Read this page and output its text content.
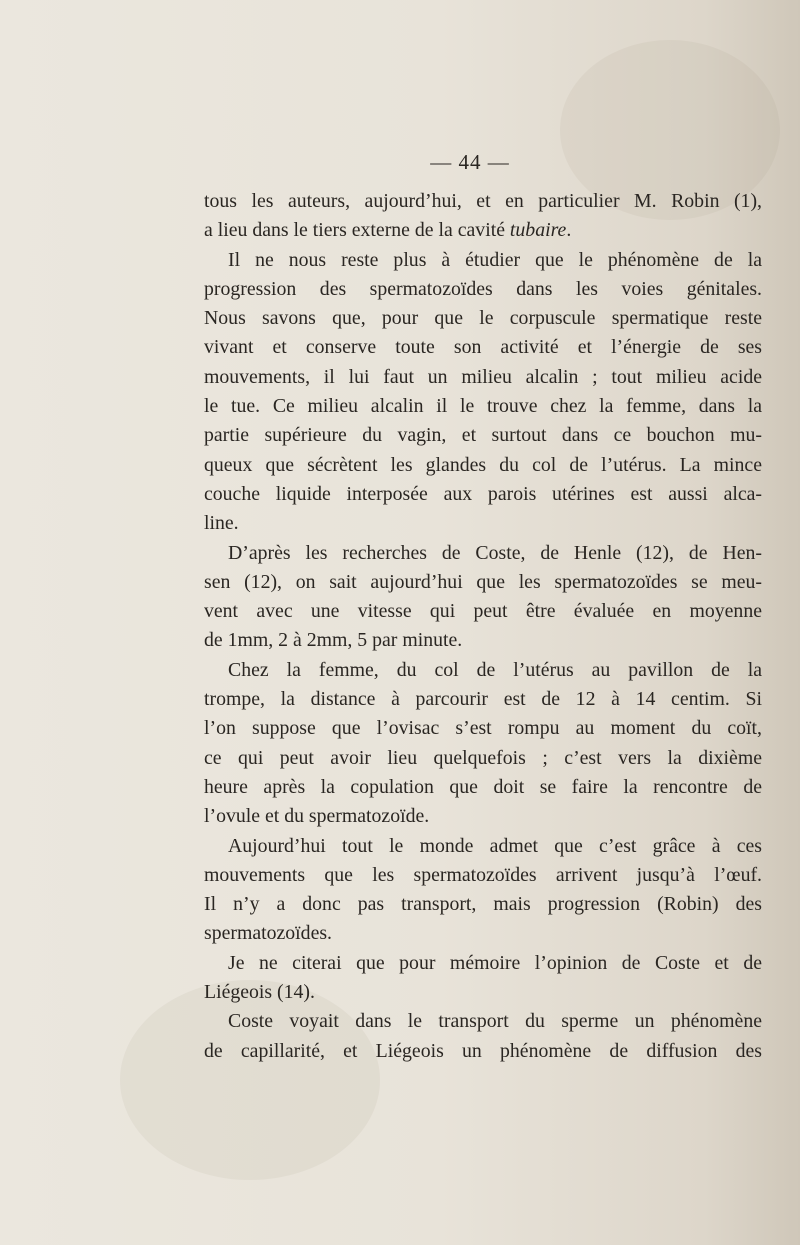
— 44 —
tous les auteurs, aujourd’hui, et en particulier M. Robin (1),
a lieu dans le tiers externe de la cavité tubaire.
Il ne nous reste plus à étudier que le phénomène de la
progression des spermatozoïdes dans les voies génitales.
Nous savons que, pour que le corpuscule spermatique reste
vivant et conserve toute son activité et l’énergie de ses
mouvements, il lui faut un milieu alcalin ; tout milieu acide
le tue. Ce milieu alcalin il le trouve chez la femme, dans la
partie supérieure du vagin, et surtout dans ce bouchon mu-
queux que sécrètent les glandes du col de l’utérus. La mince
couche liquide interposée aux parois utérines est aussi alca-
line.
D’après les recherches de Coste, de Henle (12), de Hen-
sen (12), on sait aujourd’hui que les spermatozoïdes se meu-
vent avec une vitesse qui peut être évaluée en moyenne
de 1mm, 2 à 2mm, 5 par minute.
Chez la femme, du col de l’utérus au pavillon de la
trompe, la distance à parcourir est de 12 à 14 centim. Si
l’on suppose que l’ovisac s’est rompu au moment du coït,
ce qui peut avoir lieu quelquefois ; c’est vers la dixième
heure après la copulation que doit se faire la rencontre de
l’ovule et du spermatozoïde.
Aujourd’hui tout le monde admet que c’est grâce à ces
mouvements que les spermatozoïdes arrivent jusqu’à l’œuf.
Il n’y a donc pas transport, mais progression (Robin) des
spermatozoïdes.
Je ne citerai que pour mémoire l’opinion de Coste et de
Liégeois (14).
Coste voyait dans le transport du sperme un phénomène
de capillarité, et Liégeois un phénomène de diffusion des
